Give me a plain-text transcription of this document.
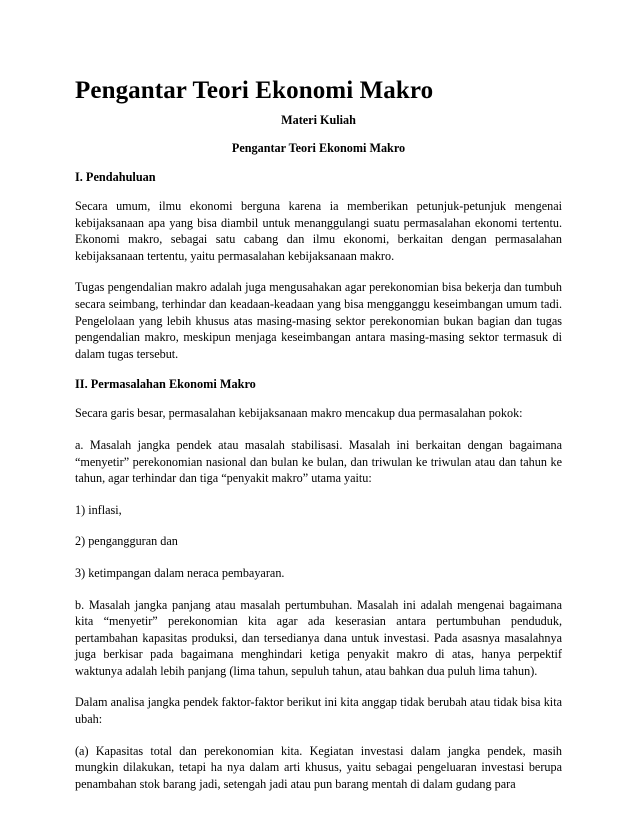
Pengantar Teori Ekonomi Makro
Materi Kuliah
Pengantar Teori Ekonomi Makro
I. Pendahuluan

Secara umum, ilmu ekonomi berguna karena ia memberikan petunjuk-petunjuk mengenai kebijaksanaan apa yang bisa diambil untuk menanggulangi suatu permasalahan ekonomi tertentu. Ekonomi makro, sebagai satu cabang dan ilmu ekonomi, berkaitan dengan permasalahan kebijaksanaan tertentu, yaitu permasalahan kebijaksanaan makro.

Tugas pengendalian makro adalah juga mengusahakan agar perekonomian bisa bekerja dan tumbuh secara seimbang, terhindar dan keadaan-keadaan yang bisa mengganggu keseimbangan umum tadi. Pengelolaan yang lebih khusus atas masing-masing sektor perekonomian bukan bagian dan tugas pengendalian makro, meskipun menjaga keseimbangan antara masing-masing sektor termasuk di dalam tugas tersebut.

II. Permasalahan Ekonomi Makro

Secara garis besar, permasalahan kebijaksanaan makro mencakup dua permasalahan pokok:

a. Masalah jangka pendek atau masalah stabilisasi. Masalah ini berkaitan dengan bagaimana “menyetir” perekonomian nasional dan bulan ke bulan, dan triwulan ke triwulan atau dan tahun ke tahun, agar terhindar dan tiga “penyakit makro” utama yaitu:

1) inflasi,

2) pengangguran dan

3) ketimpangan dalam neraca pembayaran.

b. Masalah jangka panjang atau masalah pertumbuhan. Masalah ini adalah mengenai bagaimana kita “menyetir” perekonomian kita agar ada keserasian antara pertumbuhan penduduk, pertambahan kapasitas produksi, dan tersedianya dana untuk investasi. Pada asasnya masalahnya juga berkisar pada bagaimana menghindari ketiga penyakit makro di atas, hanya perpektif waktunya adalah lebih panjang (lima tahun, sepuluh tahun, atau bahkan dua puluh lima tahun).

Dalam analisa jangka pendek faktor-faktor berikut ini kita anggap tidak berubah atau tidak bisa kita ubah:

(a) Kapasitas total dan perekonomian kita. Kegiatan investasi dalam jangka pendek, masih mungkin dilakukan, tetapi ha nya dalam arti khusus, yaitu sebagai pengeluaran investasi berupa penambahan stok barang jadi, setengah jadi atau pun barang mentah di dalam gudang para
